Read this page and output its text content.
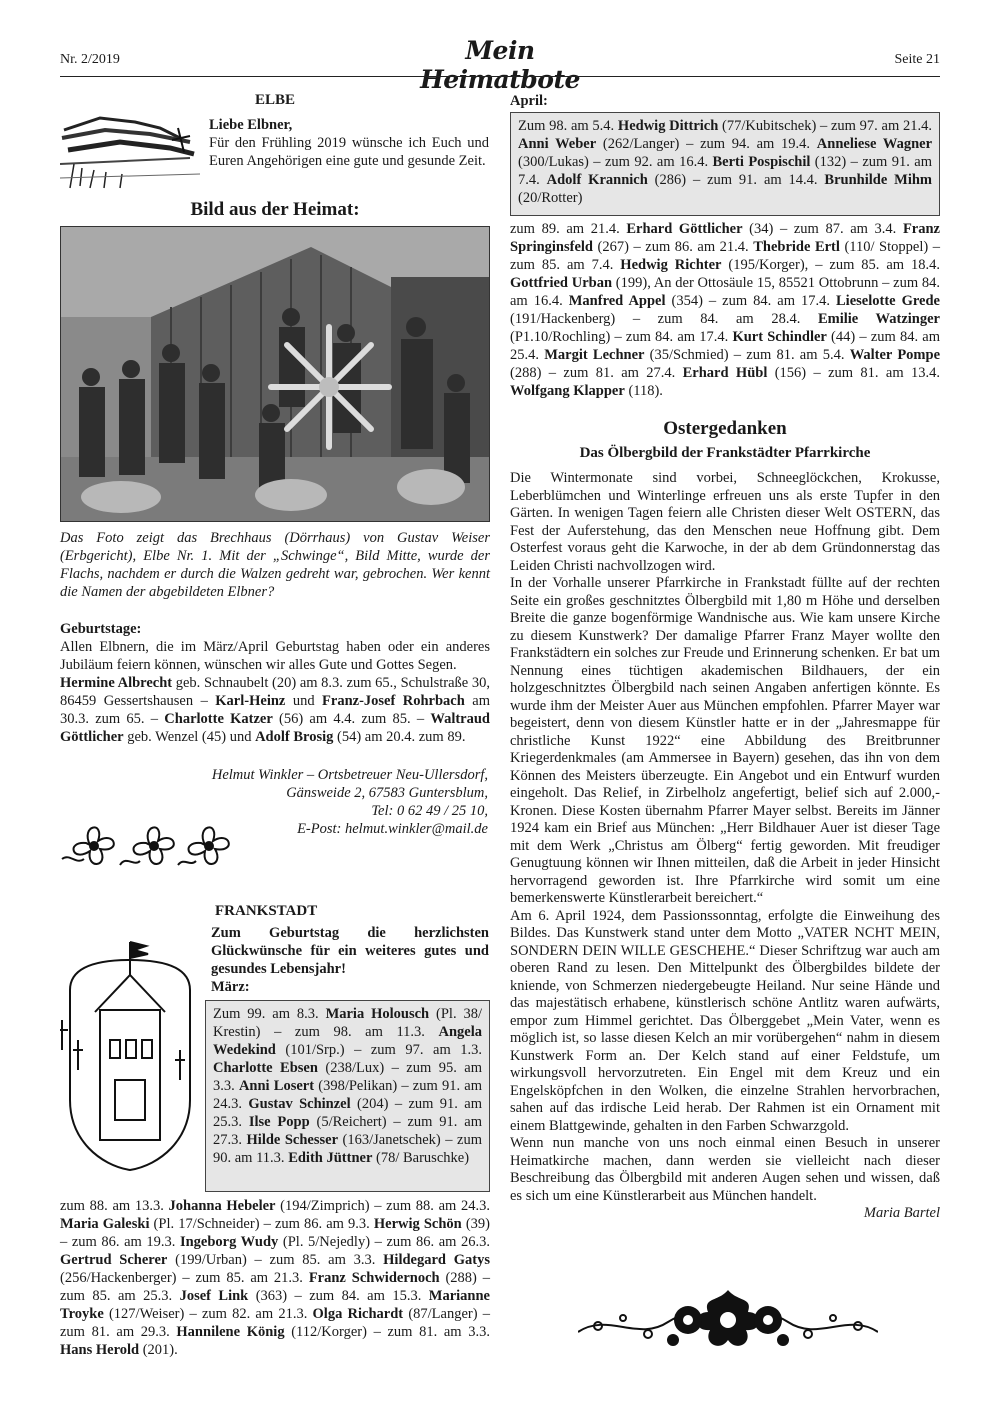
Nr. 2/2019	Mein Heimatbote
Seite 21
ELBE
Liebe Elbner,
Für den Frühling 2019 wünsche ich Euch und Euren Angehörigen eine gute und gesunde Zeit.
Bild aus der Heimat:
Das Foto zeigt das Brechhaus (Dörrhaus) von Gustav Weiser (Erbgericht), Elbe Nr. 1. Mit der „Schwinge“, Bild Mitte, wurde der Flachs, nachdem er durch die Walzen gedreht war, gebrochen. Wer kennt die Namen der abgebildeten Elbner?
Geburtstage:
Allen Elbnern, die im März/April Geburtstag haben oder ein anderes Jubiläum feiern können, wünschen wir alles Gute und Gottes Segen.
Hermine Albrecht geb. Schnaubelt (20) am 8.3. zum 65., Schulstraße 30, 86459 Gessertshausen – Karl-Heinz und Franz-Josef Rohrbach am 30.3. zum 65. – Charlotte Katzer (56) am 4.4. zum 85. – Waltraud Göttlicher geb. Wenzel (45) und Adolf Brosig (54) am 20.4. zum 89.
Helmut Winkler – Ortsbetreuer Neu-Ullersdorf,
Gänsweide 2, 67583 Guntersblum,
Tel: 0 62 49 / 25 10,
E-Post: helmut.winkler@mail.de
FRANKSTADT
Zum Geburtstag die herzlichsten Glückwünsche für ein weiteres gutes und gesundes Lebensjahr!
März:
Zum 99. am 8.3. Maria Holousch (Pl. 38/ Krestin) – zum 98. am 11.3. Angela Wedekind (101/Srp.) – zum 97. am 1.3. Charlotte Ebsen (238/Lux) – zum 95. am 3.3. Anni Losert (398/Pelikan) – zum 91. am 24.3. Gustav Schinzel (204) – zum 91. am 25.3. Ilse Popp (5/Reichert) – zum 91. am 27.3. Hilde Schesser (163/Janetschek) – zum 90. am 11.3. Edith Jüttner (78/ Baruschke)
zum 88. am 13.3. Johanna Hebeler (194/Zimprich) – zum 88. am 24.3. Maria Galeski (Pl. 17/Schneider) – zum 86. am 9.3. Herwig Schön (39) – zum 86. am 19.3. Ingeborg Wudy (Pl. 5/Nejedly) – zum 86. am 26.3. Gertrud Scherer (199/Urban) – zum 85. am 3.3. Hildegard Gatys (256/Hackenberger) – zum 85. am 21.3. Franz Schwidernoch (288) – zum 85. am 25.3. Josef Link (363) – zum 84. am 15.3. Marianne Troyke (127/Weiser) – zum 82. am 21.3. Olga Richardt (87/Langer) – zum 81. am 29.3. Hannilene König (112/Korger) – zum 81. am 3.3. Hans Herold (201).
April:
Zum 98. am 5.4. Hedwig Dittrich (77/Kubitschek) – zum 97. am 21.4. Anni Weber (262/Langer) – zum 94. am 19.4. Anneliese Wagner (300/Lukas) – zum 92. am 16.4. Berti Pospischil (132) – zum 91. am 7.4. Adolf Krannich (286) – zum 91. am 14.4. Brunhilde Mihm (20/Rotter)
zum 89. am 21.4. Erhard Göttlicher (34) – zum 87. am 3.4. Franz Springinsfeld (267) – zum 86. am 21.4. Thebride Ertl (110/ Stoppel) – zum 85. am 7.4. Hedwig Richter (195/Korger), – zum 85. am 18.4. Gottfried Urban (199), An der Ottosäule 15, 85521 Ottobrunn – zum 84. am 16.4. Manfred Appel (354) – zum 84. am 17.4. Lieselotte Grede (191/Hackenberg) – zum 84. am 28.4. Emilie Watzinger (P1.10/Rochling) – zum 84. am 17.4. Kurt Schindler (44) – zum 84. am 25.4. Margit Lechner (35/Schmied) – zum 81. am 5.4. Walter Pompe (288) – zum 81. am 27.4. Erhard Hübl (156) – zum 81. am 13.4. Wolfgang Klapper (118).
Ostergedanken
Das Ölbergbild der Frankstädter Pfarrkirche
Die Wintermonate sind vorbei, Schneeglöckchen, Krokusse, Leberblümchen und Winterlinge erfreuen uns als erste Tupfer in den Gärten. In wenigen Tagen feiern alle Christen dieser Welt OSTERN, das Fest der Auferstehung, das den Menschen neue Hoffnung gibt. Dem Osterfest voraus geht die Karwoche, in der ab dem Gründonnerstag das Leiden Christi nachvollzogen wird.
In der Vorhalle unserer Pfarrkirche in Frankstadt füllte auf der rechten Seite ein großes geschnitztes Ölbergbild mit 1,80 m Höhe und derselben Breite die ganze bogenförmige Wandnische aus. Wie kam unsere Kirche zu diesem Kunstwerk? Der damalige Pfarrer Franz Mayer wollte den Frankstädtern ein solches zur Freude und Erinnerung schenken. Er bat um Nennung eines tüchtigen akademischen Bildhauers, der ein holzgeschnitztes Ölbergbild nach seinen Angaben anfertigen könnte. Es wurde ihm der Meister Auer aus München empfohlen. Pfarrer Mayer war begeistert, denn von diesem Künstler hatte er in der „Jahresmappe für christliche Kunst 1922“ eine Abbildung des Breitbrunner Kriegerdenkmales (am Ammersee in Bayern) gesehen, das ihn von dem Können des Meisters überzeugte. Ein Angebot und ein Entwurf wurden eingeholt. Das Relief, in Zirbelholz angefertigt, belief sich auf 2.000,-Kronen. Diese Kosten übernahm Pfarrer Mayer selbst. Bereits im Jänner 1924 kam ein Brief aus München: „Herr Bildhauer Auer ist dieser Tage mit dem Werk „Christus am Ölberg“ fertig geworden. Mit freudiger Genugtuung können wir Ihnen mitteilen, daß die Arbeit in jeder Hinsicht hervorragend geworden ist. Ihre Pfarrkirche wird somit um eine bemerkenswerte Künstlerarbeit bereichert.“
Am 6. April 1924, dem Passionssonntag, erfolgte die Einweihung des Bildes. Das Kunstwerk stand unter dem Motto „VATER NCHT MEIN, SONDERN DEIN WILLE GESCHEHE.“ Dieser Schriftzug war auch am oberen Rand zu lesen. Den Mittelpunkt des Ölbergbildes bildete der kniende, von Schmerzen niedergebeugte Heiland. Nur seine Hände und das majestätisch erhabene, künstlerisch schöne Antlitz waren aufwärts, empor zum Himmel gerichtet. Das Ölberggebet „Mein Vater, wenn es möglich ist, so lasse diesen Kelch an mir vorübergehen“ nahm in diesem Kunstwerk Form an. Der Kelch stand auf einer Feldstufe, um wirkungsvoll hervorzutreten. Ein Engel mit dem Kreuz und ein Engelsköpfchen in den Wolken, die einzelne Strahlen hervorbrachen, sahen auf das irdische Leid herab. Der Rahmen ist ein Ornament mit einem Blattgewinde, gehalten in den Farben Schwarzgold.
Wenn nun manche von uns noch einmal einen Besuch in unserer Heimatkirche machen, dann werden sie vielleicht nach dieser Beschreibung das Ölbergbild mit anderen Augen sehen und wissen, daß es sich um eine Künstlerarbeit aus München handelt.
Maria Bartel
